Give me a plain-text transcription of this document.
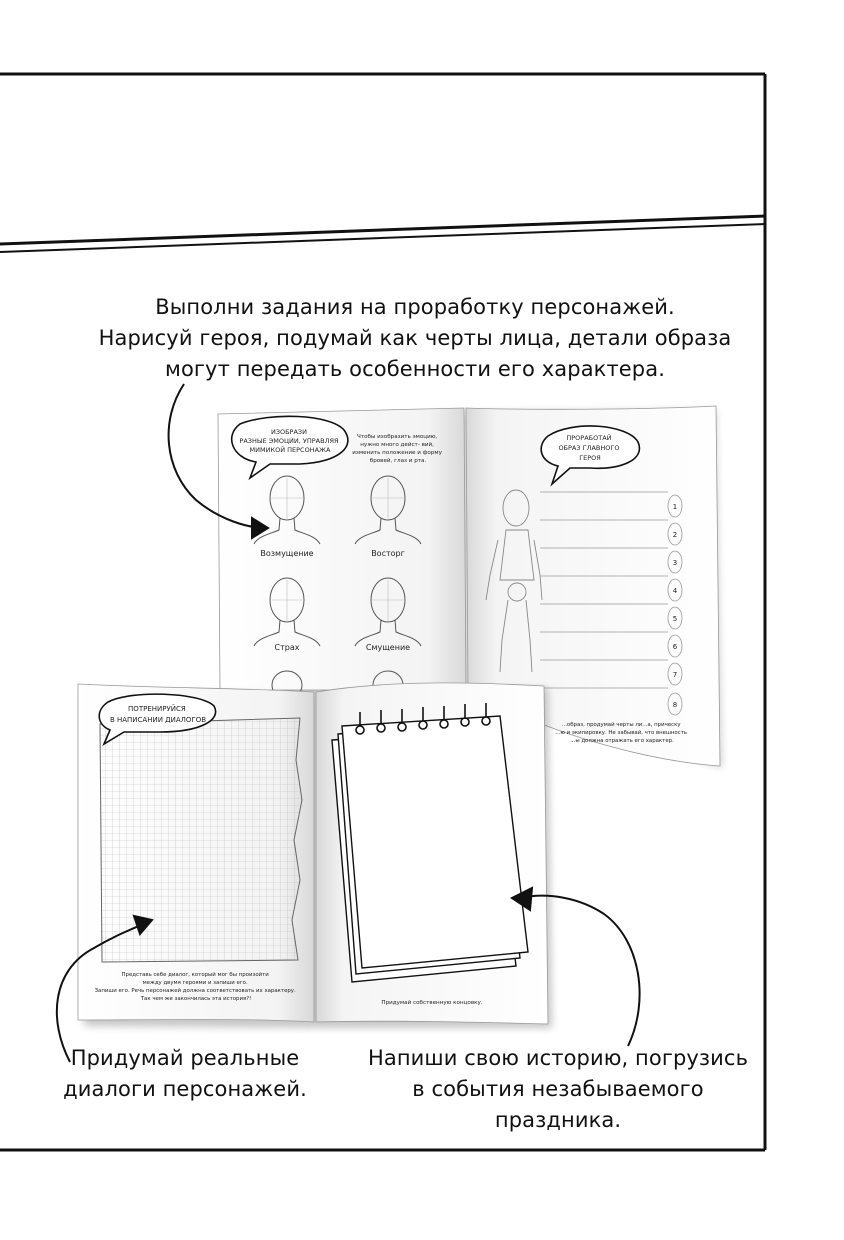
ИЗОБРАЗИ РАЗНЫЕ ЭМОЦИИ, УПРАВЛЯЯ МИМИКОЙ ПЕРСОНАЖА
Чтобы изобразить эмоцию, нужно много дейст- вий, изменить положение и форму бровей, глаз и рта.
Возмущение	Восторг
Страх	Смущение
ПРОРАБОТАЙ ОБРАЗ ГЛАВНОГО ГЕРОЯ
1
2
3
4
5
6
7
8
...образ, продумай черты ли...а, прическу ...ю и экипировку. Не забывай, что внешность ...ы должна отражать его характер.
ПОТРЕНИРУЙСЯ В НАПИСАНИИ ДИАЛОГОВ
Представь себе диалог, который мог бы произойти между двумя героями и запиши его. Запиши его. Речь персонажей должна соответствовать их характеру. Так чем же закончилась эта история?!
Придумай собственную концовку.
Выполни задания на проработку персонажей.
Нарисуй героя, подумай как черты лица, детали образа
могут передать особенности его характера.
Придумай реальные
диалоги персонажей.
Напиши свою историю, погрузись
в события незабываемого праздника.
